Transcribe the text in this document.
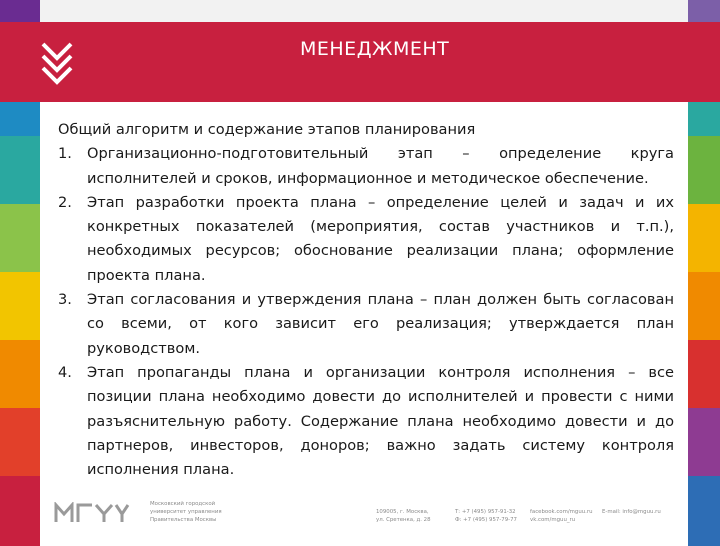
МЕНЕДЖМЕНТ

Общий алгоритм и содержание этапов планирования

1. Организационно-подготовительный этап – определение круга исполнителей и сроков, информационное и методическое обеспечение.
2. Этап разработки проекта плана – определение целей и задач и их конкретных показателей (мероприятия, состав участников и т.п.), необходимых ресурсов; обоснование реализации плана; оформление проекта плана.
3. Этап согласования и утверждения плана – план должен быть согласован со всеми, от кого зависит его реализация; утверждается план руководством.
4. Этап пропаганды плана и организации контроля исполнения – все позиции плана необходимо довести до исполнителей и провести с ними разъяснительную работу. Содержание плана необходимо довести и до партнеров, инвесторов, доноров; важно задать систему контроля исполнения плана.
Московский городской
университет управления
Правительства Москвы
109005, г. Москва,
ул. Сретенка, д. 28
Т: +7 (495) 957-91-32
Ф: +7 (495) 957-79-77
facebook.com/mguu.ru
vk.com/mguu_ru
E-mail: info@mguu.ru
